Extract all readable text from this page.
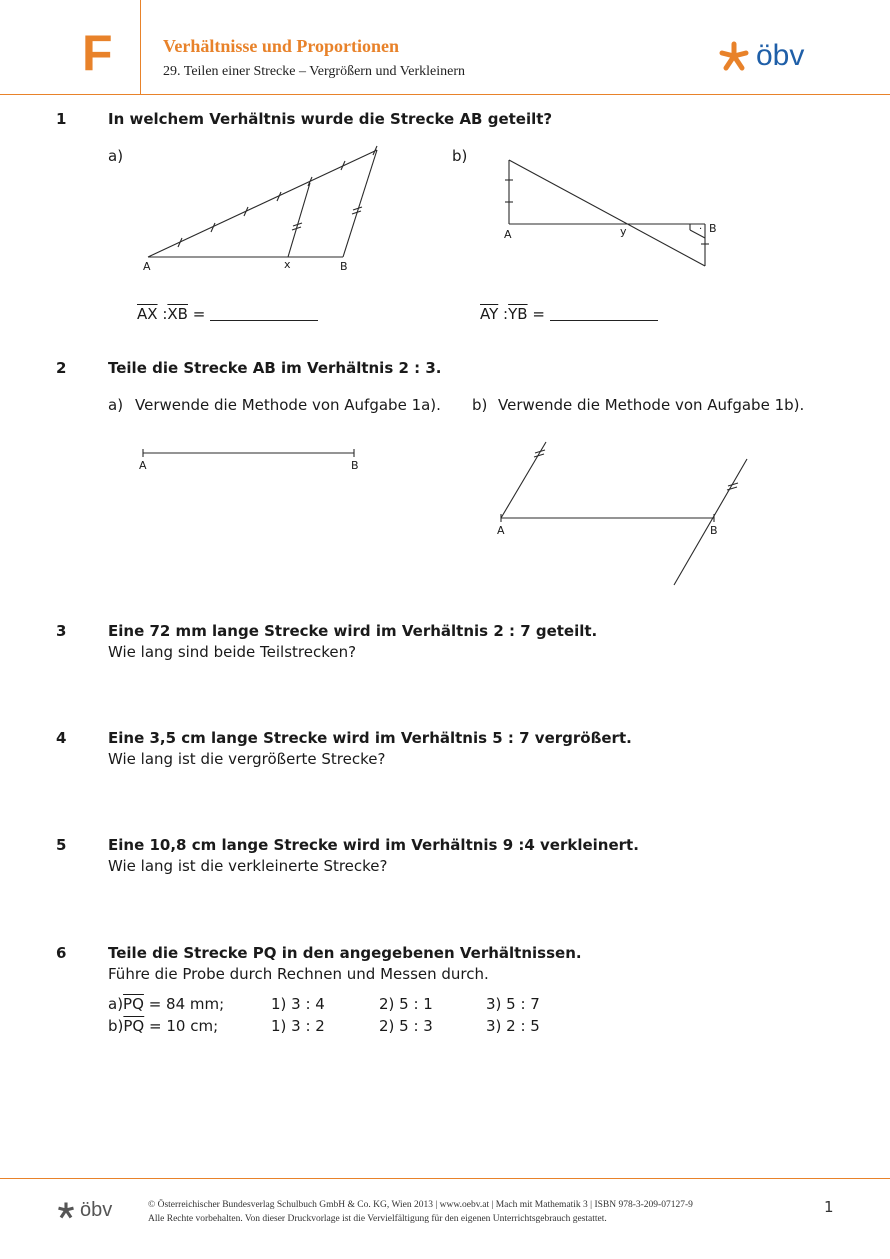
F	Verhältnisse und Proportionen
29. Teilen einer Strecke – Vergrößern und Verkleinern	öbv
1	In welchem Verhältnis wurde die Strecke AB geteilt?
a)	b)
A	x	B
·
A	y	B
$\overline{AX}$ $:\overline{XB}$ =	$\overline{AY}$ $:\overline{YB}$ =
2	Teile die Strecke AB im Verhältnis 2 : 3.
a) Verwende die Methode von Aufgabe 1a). b) Verwende die Methode von Aufgabe 1b).
A	B
A	B
3	Eine 72 mm lange Strecke wird im Verhältnis 2 : 7 geteilt.
Wie lang sind beide Teilstrecken?
4	Eine 3,5 cm lange Strecke wird im Verhältnis 5 : 7 vergrößert.
Wie lang ist die vergrößerte Strecke?
5	Eine 10,8 cm lange Strecke wird im Verhältnis 9 :4 verkleinert.
Wie lang ist die verkleinerte Strecke?
6	Teile die Strecke PQ in den angegebenen Verhältnissen.
Führe die Probe durch Rechnen und Messen durch.
$a)\overline{PQ} = 84$ mm;	1) 3 : 4	2) 5 : 1	3) 5 : 7
$b)\overline{PQ} = 10$ cm;	1) 3 : 2	2) 5 : 3	3) 2 : 5
öbv	© Österreichischer Bundesverlag Schulbuch GmbH & Co. KG, Wien 2013 | www.oebv.at | Mach mit Mathematik 3 | ISBN 978-3-209-07127-9
Alle Rechte vorbehalten. Von dieser Druckvorlage ist die Vervielfältigung für den eigenen Unterrichtsgebrauch gestattet.
1
